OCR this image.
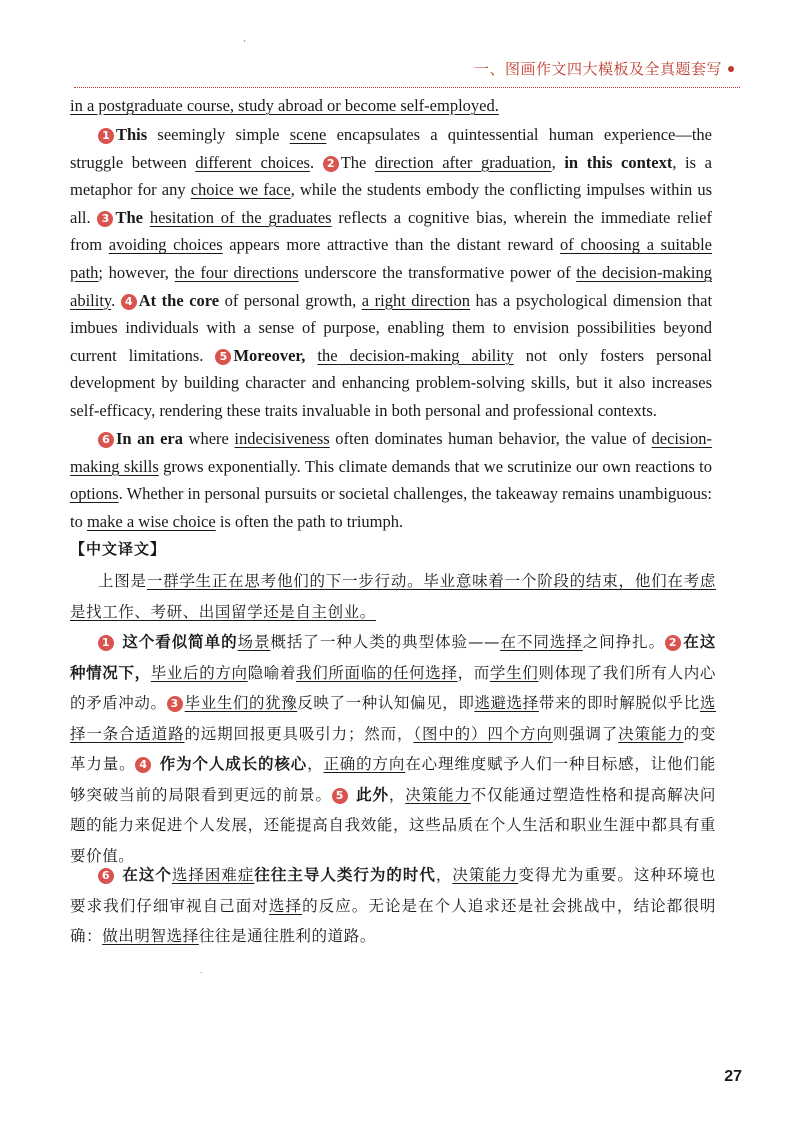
`
一、图画作文四大模板及全真题套写

in a postgraduate course, study abroad or become self-employed.

1 This seemingly simple scene encapsulates a quintessential human experience—the struggle between different choices. 2 The direction after graduation, in this context, is a metaphor for any choice we face, while the students embody the conflicting impulses within us all. 3 The hesitation of the graduates reflects a cognitive bias, wherein the immediate relief from avoiding choices appears more attractive than the distant reward of choosing a suitable path; however, the four directions underscore the transformative power of the decision-making ability. 4 At the core of personal growth, a right direction has a psychological dimension that imbues individuals with a sense of purpose, enabling them to envision possibilities beyond current limitations. 5 Moreover, the decision-making ability not only fosters personal development by building character and enhancing problem-solving skills, but it also increases self-efficacy, rendering these traits invaluable in both personal and professional contexts.

6 In an era where indecisiveness often dominates human behavior, the value of decision-making skills grows exponentially. This climate demands that we scrutinize our own reactions to options. Whether in personal pursuits or societal challenges, the takeaway remains unambiguous: to make a wise choice is often the path to triumph.

【中文译文】

上图是一群学生正在思考他们的下一步行动。毕业意味着一个阶段的结束，他们在考虑是找工作、考研、出国留学还是自主创业。

1 这个看似简单的场景概括了一种人类的典型体验——在不同选择之间挣扎。 2 在这种情况下，毕业后的方向隐喻着我们所面临的任何选择，而学生们则体现了我们所有人内心的矛盾冲动。 3 毕业生们的犹豫反映了一种认知偏见，即逃避选择带来的即时解脱似乎比选择一条合适道路的远期回报更具吸引力；然而，（图中的）四个方向则强调了决策能力的变革力量。 4 作为个人成长的核心，正确的方向在心理维度赋予人们一种目标感，让他们能够突破当前的局限看到更远的前景。 5 此外，决策能力不仅能通过塑造性格和提高解决问题的能力来促进个人发展，还能提高自我效能，这些品质在个人生活和职业生涯中都具有重要价值。

6 在这个选择困难症往往主导人类行为的时代，决策能力变得尤为重要。这种环境也要求我们仔细审视自己面对选择的反应。无论是在个人追求还是社会挑战中，结论都很明确：做出明智选择往往是通往胜利的道路。

.
27
